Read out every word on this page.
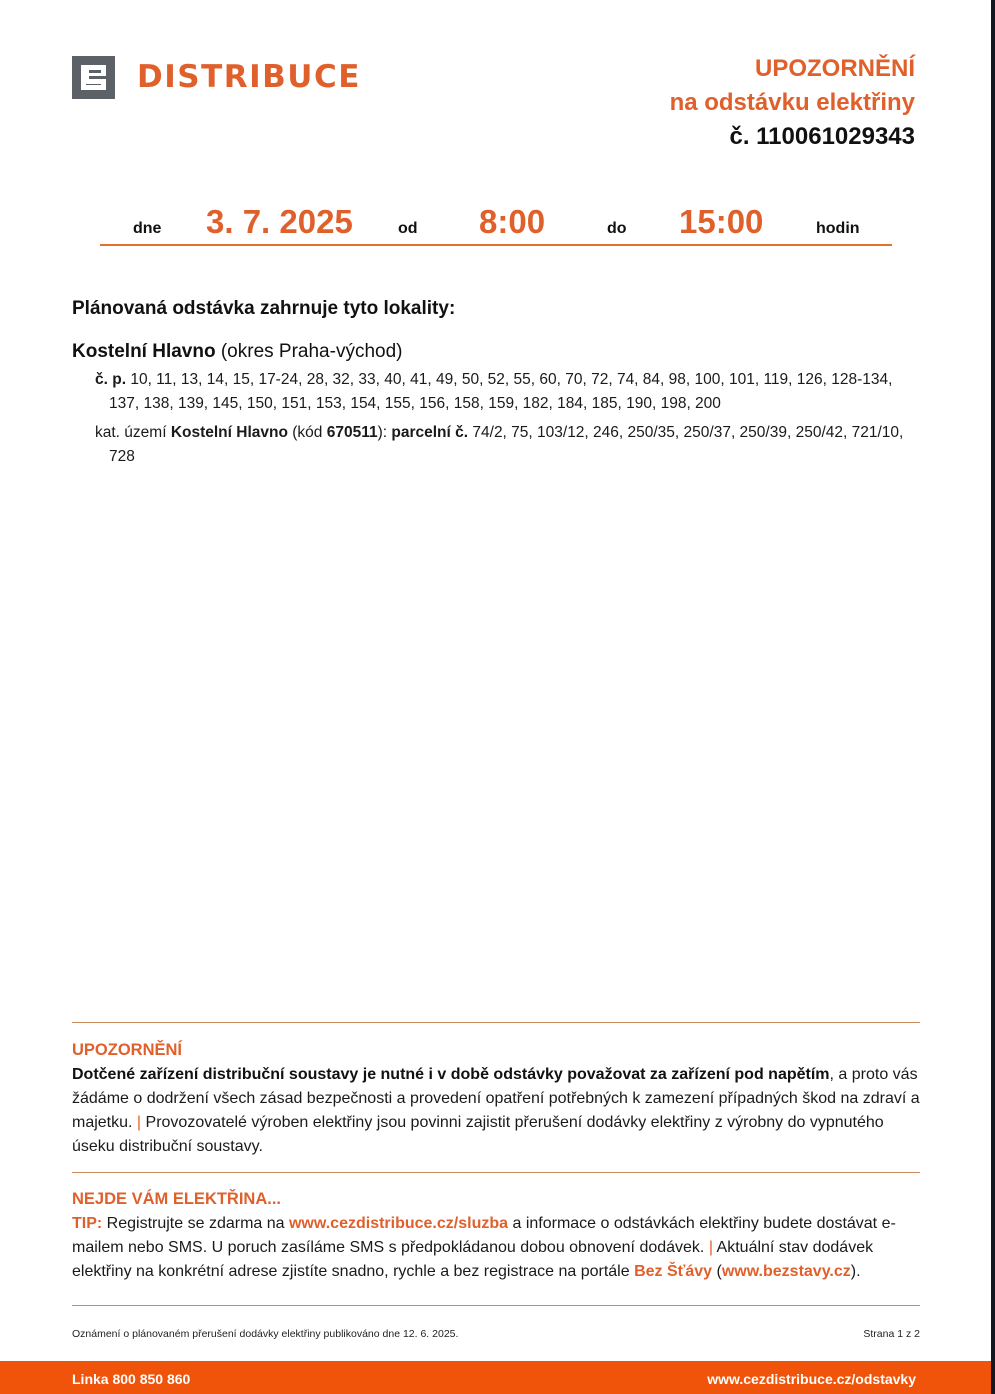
DISTRIBUCE	UPOZORNĚNÍ
na odstávku elektřiny
č. 110061029343
dne 3. 7. 2025	od 8:00	do 15:00	hodin
Plánovaná odstávka zahrnuje tyto lokality:
Kostelní Hlavno (okres Praha-východ)
č. p. 10, 11, 13, 14, 15, 17-24, 28, 32, 33, 40, 41, 49, 50, 52, 55, 60, 70, 72, 74, 84, 98, 100, 101, 119, 126, 128-134, 137, 138, 139, 145, 150, 151, 153, 154, 155, 156, 158, 159, 182, 184, 185, 190, 198, 200
kat. území Kostelní Hlavno (kód 670511): parcelní č. 74/2, 75, 103/12, 246, 250/35, 250/37, 250/39, 250/42, 721/10, 728
UPOZORNĚNÍ
Dotčené zařízení distribuční soustavy je nutné i v době odstávky považovat za zařízení pod napětím, a proto vás žádáme o dodržení všech zásad bezpečnosti a provedení opatření potřebných k zamezení případných škod na zdraví a majetku. | Provozovatelé výroben elektřiny jsou povinni zajistit přerušení dodávky elektřiny z výrobny do vypnutého úseku distribuční soustavy.
NEJDE VÁM ELEKTŘINA...
TIP: Registrujte se zdarma na www.cezdistribuce.cz/sluzba a informace o odstávkách elektřiny budete dostávat e-mailem nebo SMS. U poruch zasíláme SMS s předpokládanou dobou obnovení dodávek. | Aktuální stav dodávek elektřiny na konkrétní adrese zjistíte snadno, rychle a bez registrace na portále Bez Šťávy (www.bezstavy.cz).
Oznámení o plánovaném přerušení dodávky elektřiny publikováno dne 12. 6. 2025.	Strana 1 z 2
Linka 800 850 860	www.cezdistribuce.cz/odstavky
